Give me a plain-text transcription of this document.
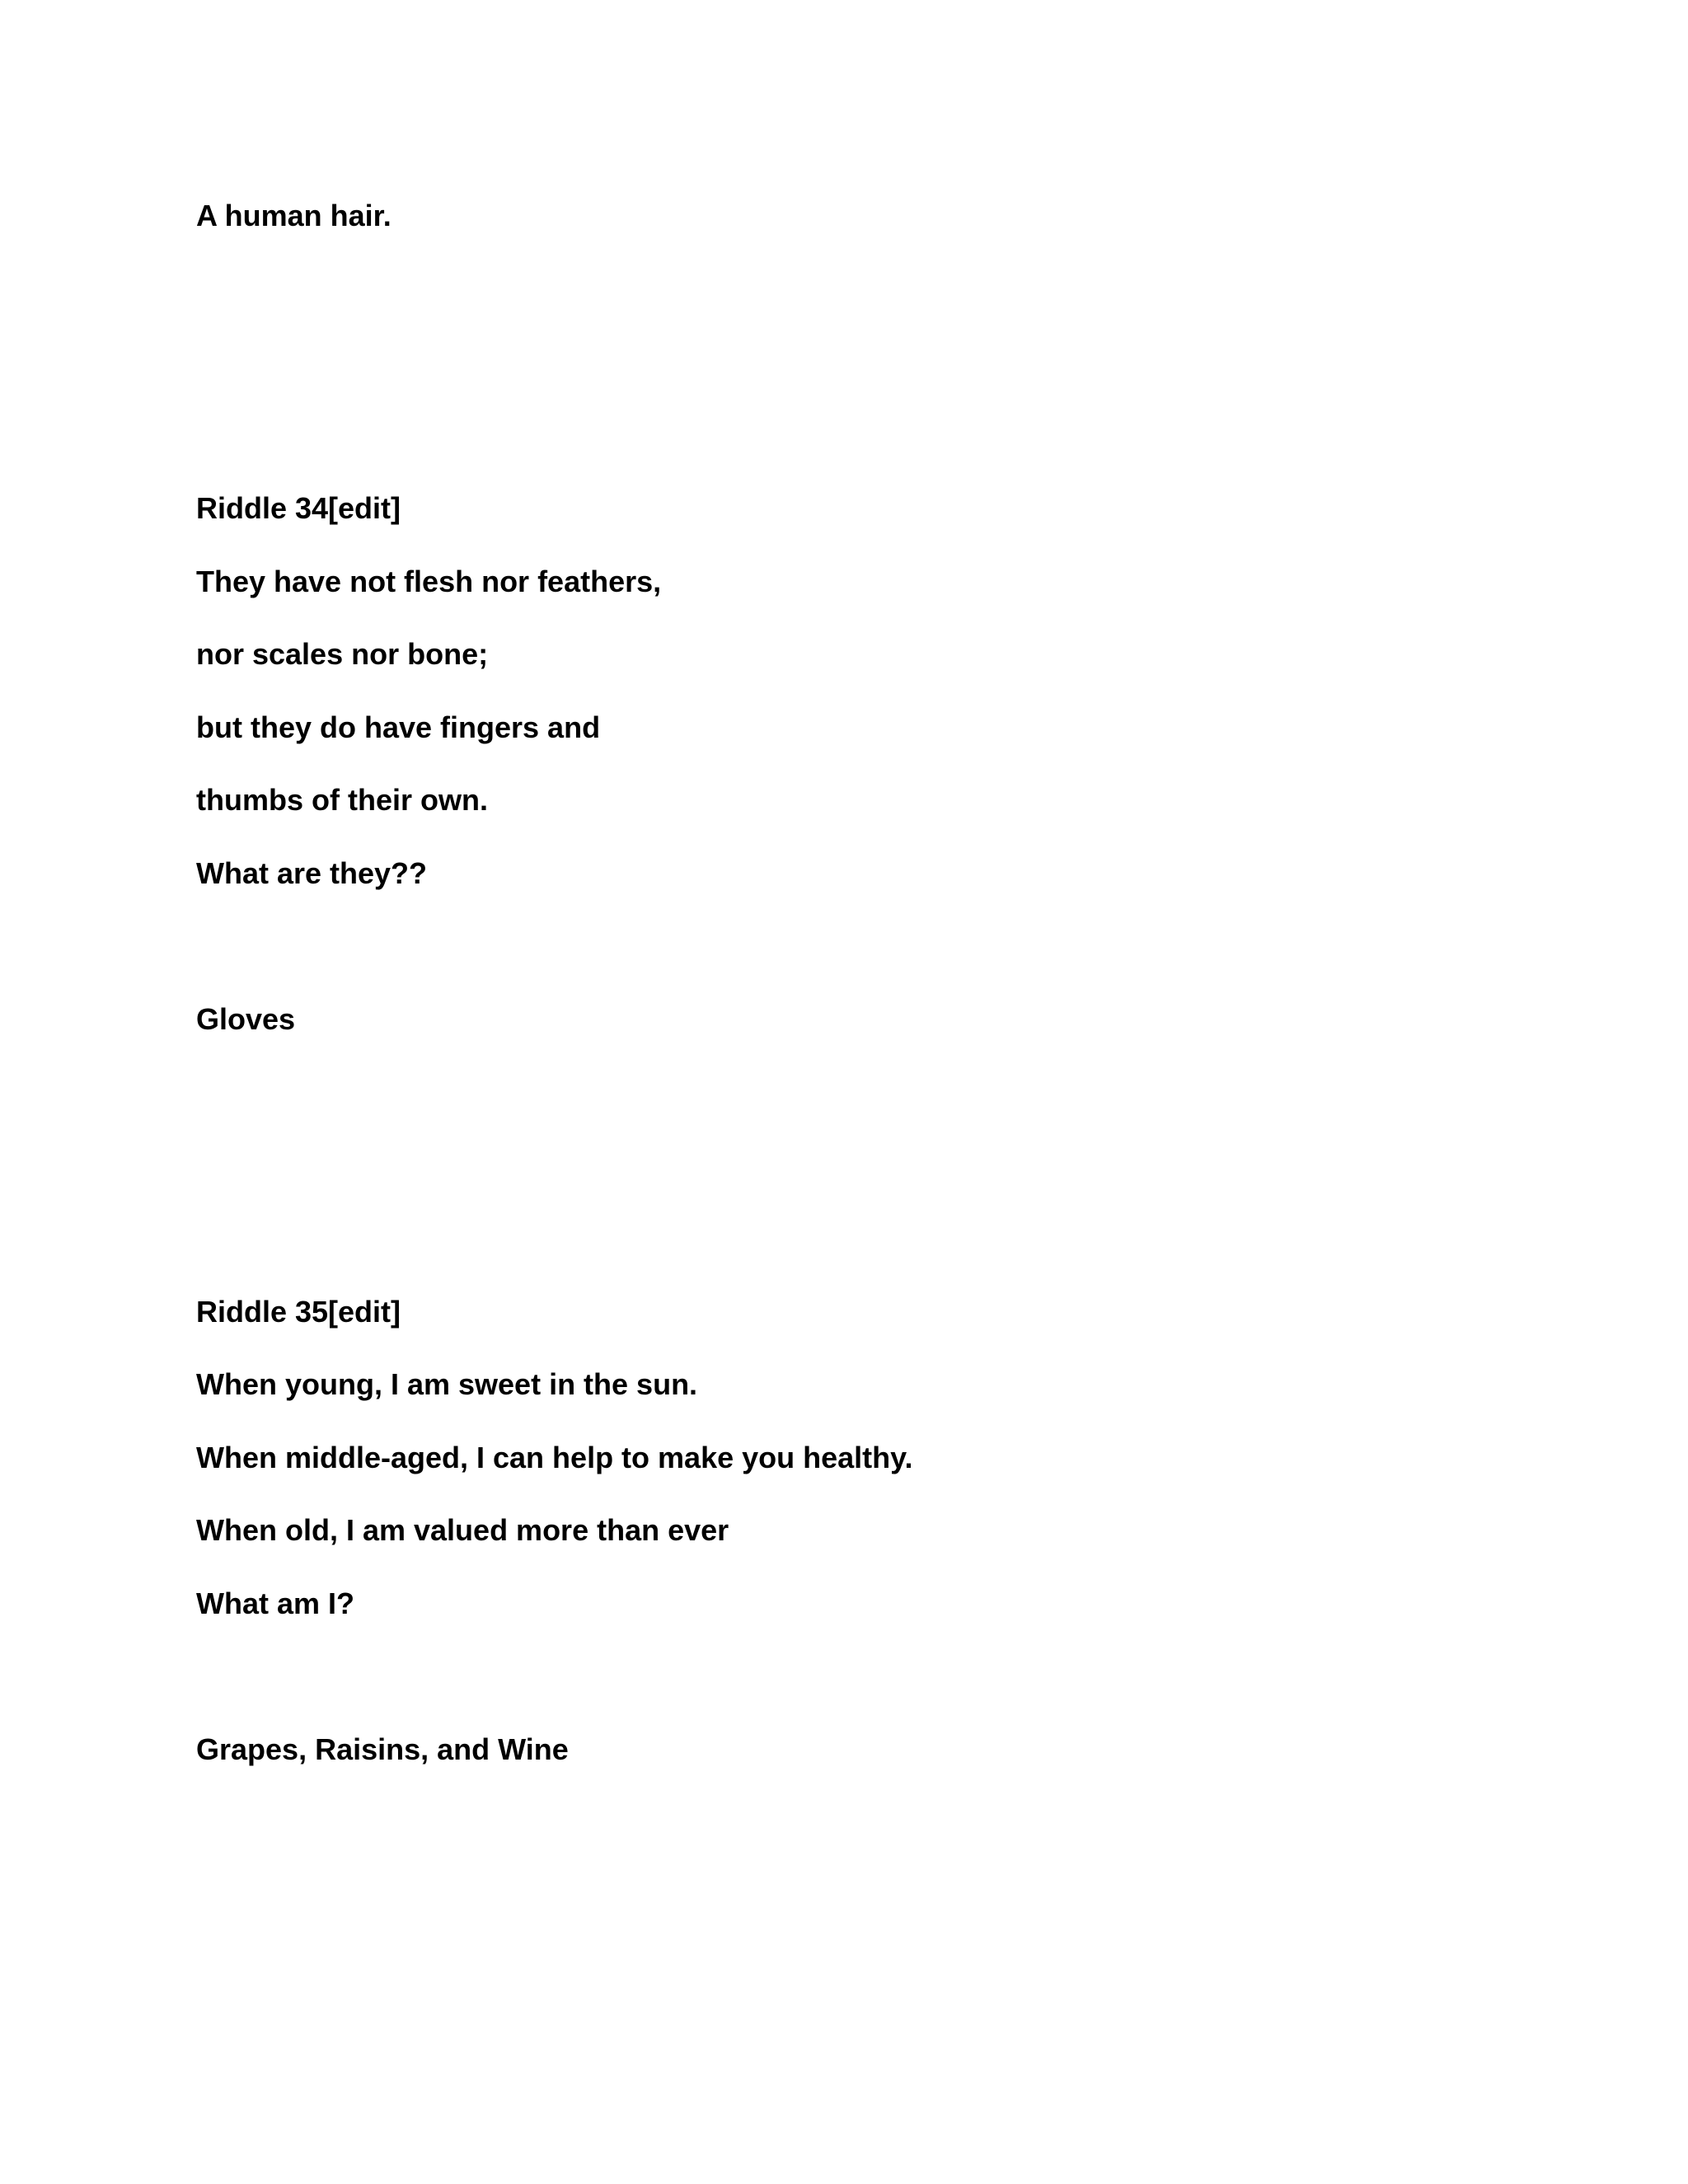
A human hair.

Riddle 34[edit]

They have not flesh nor feathers,

nor scales nor bone;

but they do have fingers and

thumbs of their own.

What are they??

Gloves

Riddle 35[edit]

When young, I am sweet in the sun.

When middle-aged, I can help to make you healthy.

When old, I am valued more than ever

What am I?

Grapes, Raisins, and Wine
